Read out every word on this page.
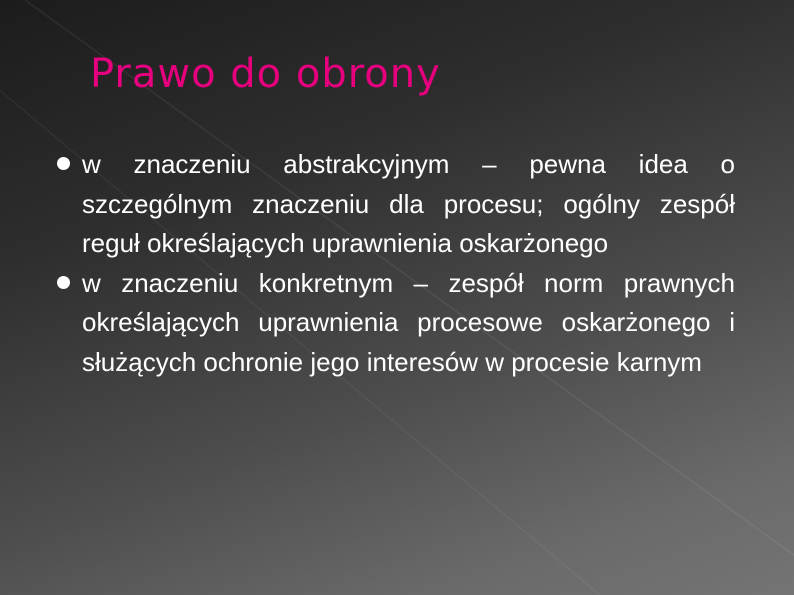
Prawo do obrony
w znaczeniu abstrakcyjnym – pewna idea o szczególnym znaczeniu dla procesu; ogólny zespół reguł określających uprawnienia oskarżonego
w znaczeniu konkretnym – zespół norm prawnych określających uprawnienia procesowe oskarżonego i służących ochronie jego interesów w procesie karnym
